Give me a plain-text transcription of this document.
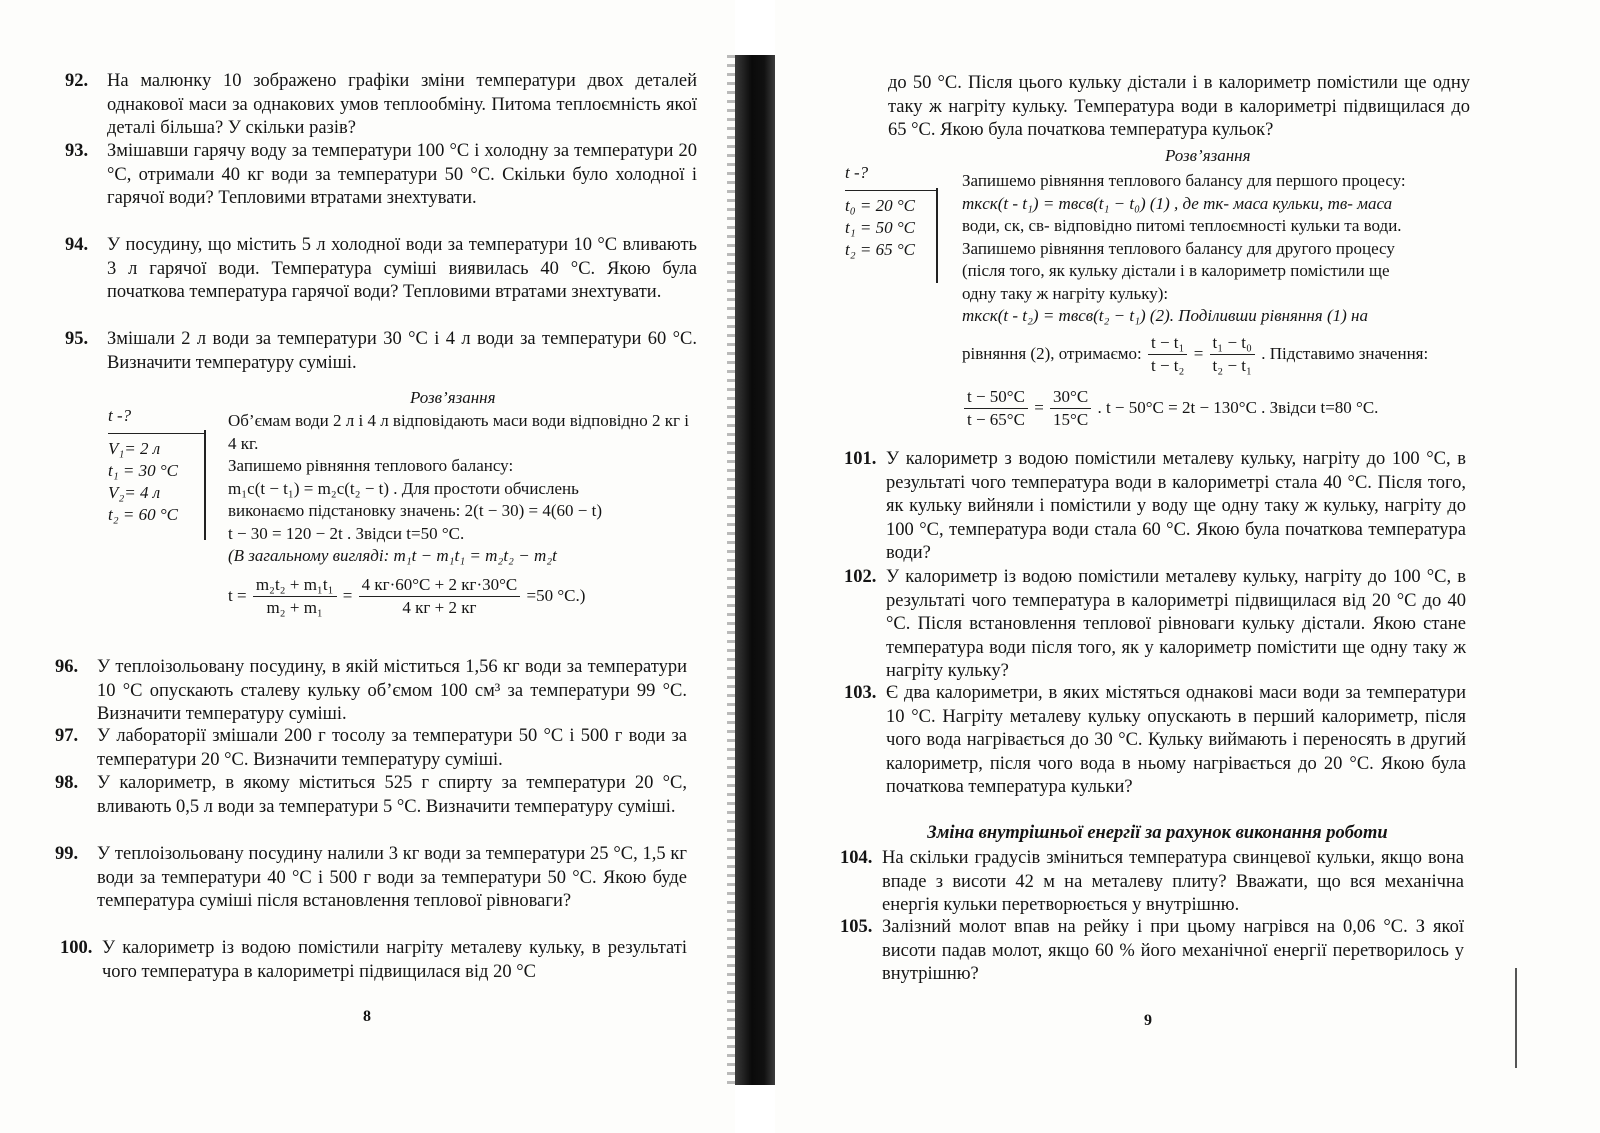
92. На малюнку 10 зображено графіки зміни температури двох деталей однакової маси за однакових умов теплообміну. Питома теплоємність якої деталі більша? У скільки разів?
93. Змішавши гарячу воду за температури 100 °С і холодну за температури 20 °С, отримали 40 кг води за температури 50 °С. Скільки було холодної і гарячої води? Тепловими втратами знехтувати.
94. У посудину, що містить 5 л холодної води за температури 10 °С вливають 3 л гарячої води. Температура суміші виявилась 40 °С. Якою була початкова температура гарячої води? Тепловими втратами знехтувати.
95. Змішали 2 л води за температури 30 °С і 4 л води за температури 60 °С. Визначити температуру суміші.
Розв’язання
t -?
V₁= 2 л
t₁ = 30 °C
V₂= 4 л
t₂ = 60 °C
Об’ємам води 2 л і 4 л відповідають маси води відповідно 2 кг і 4 кг.
Запишемо рівняння теплового балансу:
m₁c(t − t₁) = m₂c(t₂ − t) . Для простоти обчислень
виконаємо підстановку значень: 2(t − 30) = 4(60 − t)
t − 30 = 120 − 2t . Звідси t=50 °С.
(В загальному вигляді: m₁t − m₁t₁ = m₂t₂ − m₂t
$t = \frac{\text{m₂t₂ + m₁t₁}}{\text{m₂ + m₁}} = \frac{4 кг\cdot 60^\circ C + 2 кг\cdot 30^\circ C}{4 кг + 2 кг} =50$ °С.)
96. У теплоізольовану посудину, в якій міститься 1,56 кг води за температури 10 °С опускають сталеву кульку об’ємом 100 см³ за температури 99 °С. Визначити температуру суміші.
97. У лабораторії змішали 200 г тосолу за температури 50 °С і 500 г води за температури 20 °С. Визначити температуру суміші.
98. У калориметр, в якому міститься 525 г спирту за температури 20 °С, вливають 0,5 л води за температури 5 °С. Визначити температуру суміші.
99. У теплоізольовану посудину налили 3 кг води за температури 25 °С, 1,5 кг води за температури 40 °С і 500 г води за температури 50 °С. Якою буде температура суміші після встановлення теплової рівноваги?
100. У калориметр із водою помістили нагріту металеву кульку, в результаті чого температура в калориметрі підвищилася від 20 °С
8
до 50 °С. Після цього кульку дістали і в калориметр помістили ще одну таку ж нагріту кульку. Температура води в калориметрі підвищилася до 65 °С. Якою була початкова температура кульок?
Розв’язання
t -?
t₀ = 20 °C
t₁ = 50 °C
t₂ = 65 °C
Запишемо рівняння теплового балансу для першого процесу:
mкcк(t - t₁) = mвcв(t₁ − t₀) (1) , де mк- маса кульки, mв- маса
води, cк, cв- відповідно питомі теплоємності кульки та води.
Запишемо рівняння теплового балансу для другого процесу
(після того, як кульку дістали і в калориметр помістили ще
одну таку ж нагріту кульку):
mкcк(t - t₂) = mвcв(t₂ − t₁) (2). Поділивши рівняння (1) на
рівняння (2), отримаємо: $\frac{\text{t − t₁}}{\text{t − t₂}} = \frac{\text{t₁ − t₀}}{\text{t₂ − t₁}}$ . Підставимо значення:
$\frac{t - 50^\circ C}{t - 65^\circ C} = \frac{30^\circ C}{15^\circ C}$ . t − 50°C = 2t − 130°C . Звідси t=80 °С.
101. У калориметр з водою помістили металеву кульку, нагріту до 100 °С, в результаті чого температура води в калориметрі стала 40 °С. Після того, як кульку вийняли і помістили у воду ще одну таку ж кульку, нагріту до 100 °С, температура води стала 60 °С. Якою була початкова температура води?
102. У калориметр із водою помістили металеву кульку, нагріту до 100 °С, в результаті чого температура в калориметрі підвищилася від 20 °С до 40 °С. Після встановлення теплової рівноваги кульку дістали. Якою стане температура води після того, як у калориметр помістити ще одну таку ж нагріту кульку?
103. Є два калориметри, в яких містяться однакові маси води за температури 10 °С. Нагріту металеву кульку опускають в перший калориметр, після чого вода нагрівається до 30 °С. Кульку виймають і переносять в другий калориметр, після чого вода в ньому нагрівається до 20 °С. Якою була початкова температура кульки?
Зміна внутрішньої енергії за рахунок виконання роботи
104. На скільки градусів зміниться температура свинцевої кульки, якщо вона впаде з висоти 42 м на металеву плиту? Вважати, що вся механічна енергія кульки перетворюється у внутрішню.
105. Залізний молот впав на рейку і при цьому нагрівся на 0,06 °С. З якої висоти падав молот, якщо 60 % його механічної енергії перетворилось у внутрішню?
9
